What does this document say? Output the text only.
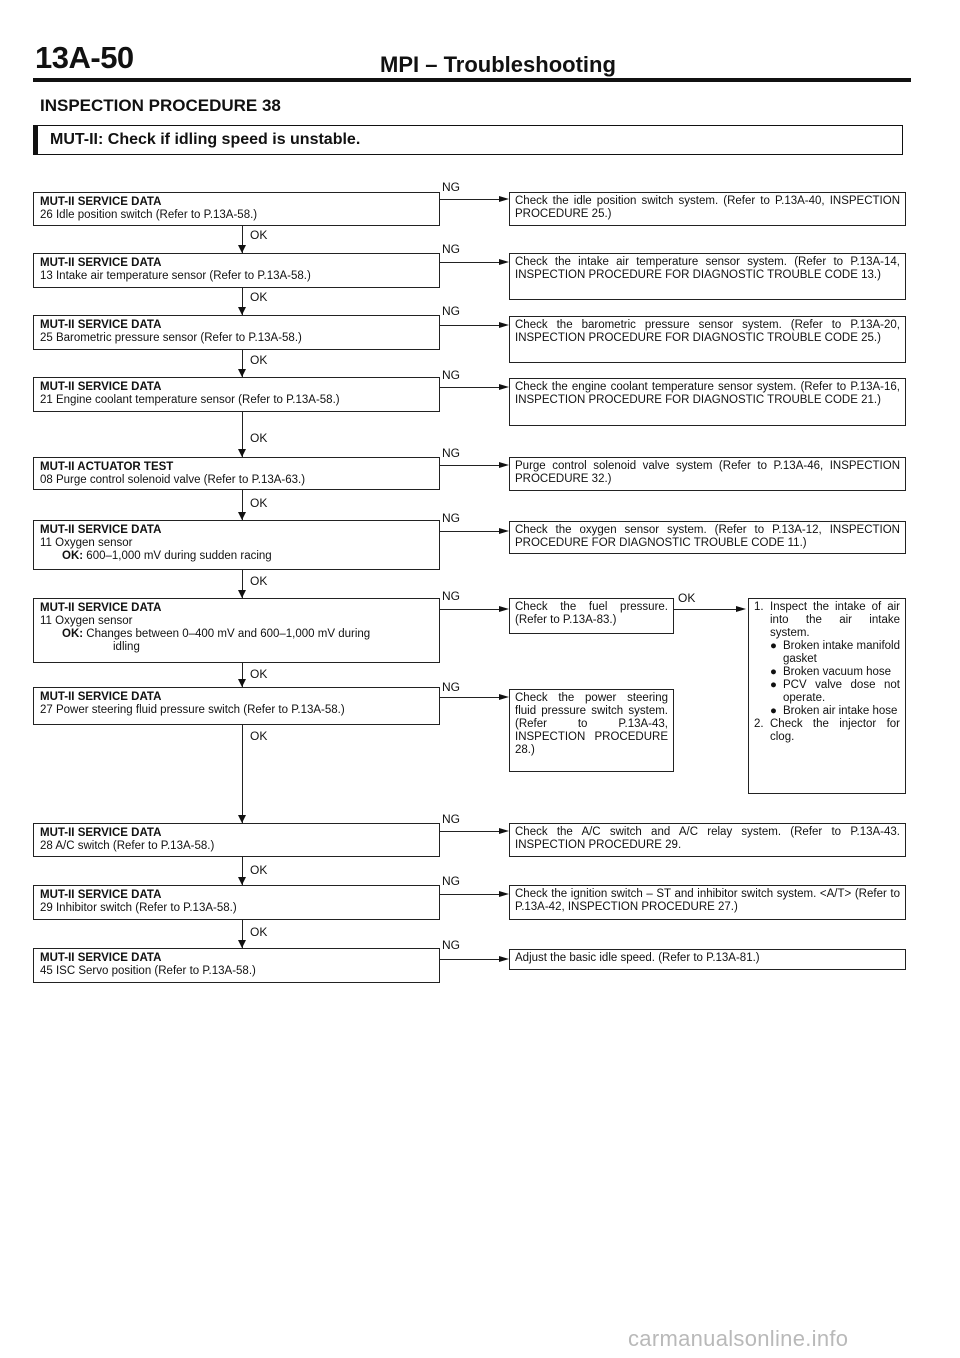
13A-50	MPI – Troubleshooting
INSPECTION PROCEDURE 38
MUT-II: Check if idling speed is unstable.
OK
OK
OK
OK
OK
OK
OK
OK
OK
OK
MUT-II SERVICE DATA
26 Idle position switch (Refer to P.13A-58.)
NG
Check the idle position switch system. (Refer to P.13A-40, INSPECTION PROCEDURE 25.)
MUT-II SERVICE DATA
13 Intake air temperature sensor (Refer to P.13A-58.)
NG
Check the intake air temperature sensor system. (Refer to P.13A-14, INSPECTION PROCEDURE FOR DIAGNOSTIC TROUBLE CODE 13.)
MUT-II SERVICE DATA
25 Barometric pressure sensor (Refer to P.13A-58.)
NG
Check the barometric pressure sensor system. (Refer to P.13A-20, INSPECTION PROCEDURE FOR DIAGNOSTIC TROUBLE CODE 25.)
MUT-II SERVICE DATA
21 Engine coolant temperature sensor (Refer to P.13A-58.)
NG
Check the engine coolant temperature sensor system. (Refer to P.13A-16, INSPECTION PROCEDURE FOR DIAGNOSTIC TROUBLE CODE 21.)
MUT-II ACTUATOR TEST
08 Purge control solenoid valve (Refer to P.13A-63.)
NG
Purge control solenoid valve system (Refer to P.13A-46, INSPECTION PROCEDURE 32.)
MUT-II SERVICE DATA
11 Oxygen sensor
OK: 600–1,000 mV during sudden racing
NG
Check the oxygen sensor system. (Refer to P.13A-12, INSPECTION PROCEDURE FOR DIAGNOSTIC TROUBLE CODE 11.)
MUT-II SERVICE DATA
11 Oxygen sensor
OK: Changes between 0–400 mV and 600–1,000 mV during
idling
NG
Check the fuel pressure. (Refer to P.13A-83.)
OK
1. Inspect the intake of air into the air intake system.
● Broken intake manifold gasket
● Broken vacuum hose
● PCV valve dose not operate.
● Broken air intake hose
2. Check the injector for clog.
MUT-II SERVICE DATA
27 Power steering fluid pressure switch (Refer to P.13A-58.)
NG
Check the power steering fluid pressure switch system. (Refer to P.13A-43, INSPECTION PROCEDURE 28.)
MUT-II SERVICE DATA
28 A/C switch (Refer to P.13A-58.)
NG
Check the A/C switch and A/C relay system. (Refer to P.13A-43. INSPECTION PROCEDURE 29.
MUT-II SERVICE DATA
29 Inhibitor switch (Refer to P.13A-58.)
NG
Check the ignition switch – ST and inhibitor switch system. <A/T> (Refer to P.13A-42, INSPECTION PROCEDURE 27.)
MUT-II SERVICE DATA
45 ISC Servo position (Refer to P.13A-58.)
NG
Adjust the basic idle speed. (Refer to P.13A-81.)
carmanualsonline.info
